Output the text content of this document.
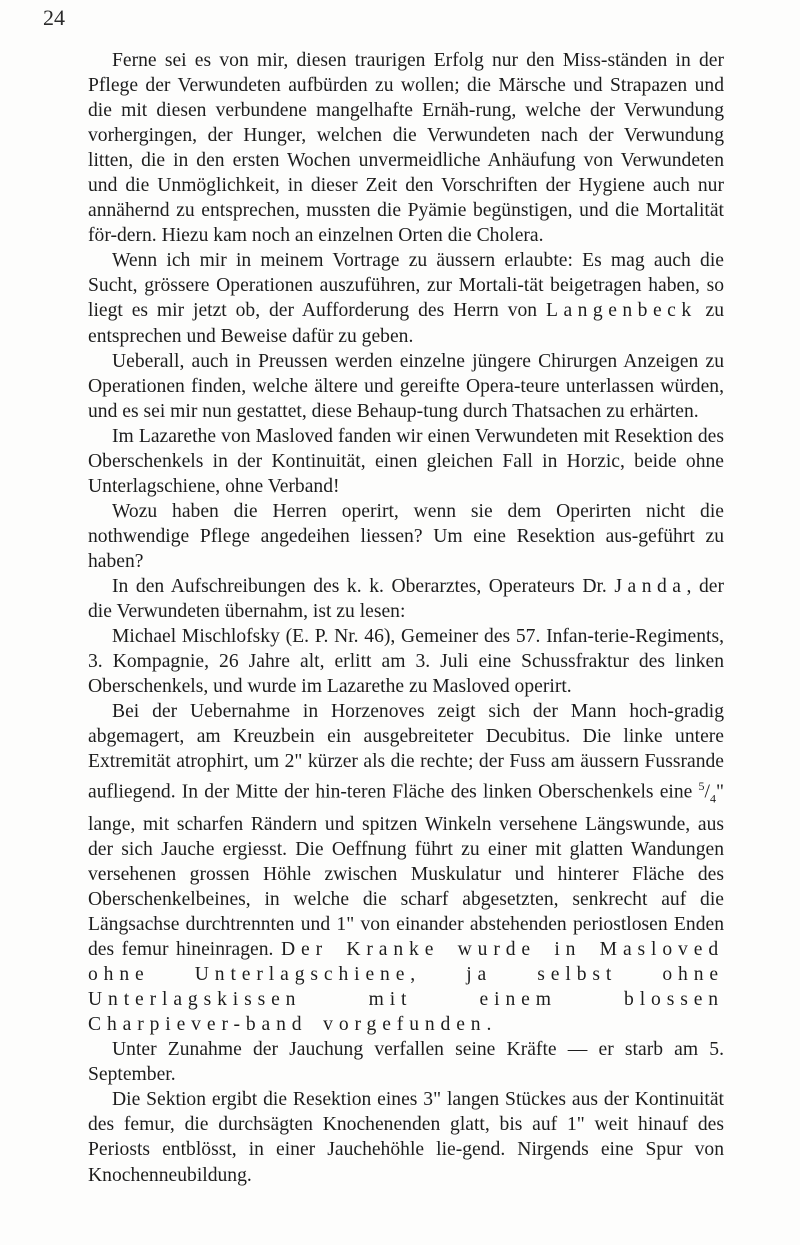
24

Ferne sei es von mir, diesen traurigen Erfolg nur den Miss-ständen in der Pflege der Verwundeten aufbürden zu wollen; die Märsche und Strapazen und die mit diesen verbundene mangelhafte Ernäh-rung, welche der Verwundung vorhergingen, der Hunger, welchen die Verwundeten nach der Verwundung litten, die in den ersten Wochen unvermeidliche Anhäufung von Verwundeten und die Unmöglichkeit, in dieser Zeit den Vorschriften der Hygiene auch nur annähernd zu entsprechen, mussten die Pyämie begünstigen, und die Mortalität för-dern. Hiezu kam noch an einzelnen Orten die Cholera.

Wenn ich mir in meinem Vortrage zu äussern erlaubte: Es mag auch die Sucht, grössere Operationen auszuführen, zur Mortali-tät beigetragen haben, so liegt es mir jetzt ob, der Aufforderung des Herrn von Langenbeck zu entsprechen und Beweise dafür zu geben.

Ueberall, auch in Preussen werden einzelne jüngere Chirurgen Anzeigen zu Operationen finden, welche ältere und gereifte Opera-teure unterlassen würden, und es sei mir nun gestattet, diese Behaup-tung durch Thatsachen zu erhärten.

Im Lazarethe von Masloved fanden wir einen Verwundeten mit Resektion des Oberschenkels in der Kontinuität, einen gleichen Fall in Horzic, beide ohne Unterlagschiene, ohne Verband!

Wozu haben die Herren operirt, wenn sie dem Operirten nicht die nothwendige Pflege angedeihen liessen? Um eine Resektion aus-geführt zu haben?

In den Aufschreibungen des k. k. Oberarztes, Operateurs Dr. Janda, der die Verwundeten übernahm, ist zu lesen:

Michael Mischlofsky (E. P. Nr. 46), Gemeiner des 57. Infan-terie-Regiments, 3. Kompagnie, 26 Jahre alt, erlitt am 3. Juli eine Schussfraktur des linken Oberschenkels, und wurde im Lazarethe zu Masloved operirt.

Bei der Uebernahme in Horzenoves zeigt sich der Mann hoch-gradig abgemagert, am Kreuzbein ein ausgebreiteter Decubitus. Die linke untere Extremität atrophirt, um 2" kürzer als die rechte; der Fuss am äussern Fussrande aufliegend. In der Mitte der hin-teren Fläche des linken Oberschenkels eine $^5/_4$" lange, mit scharfen Rändern und spitzen Winkeln versehene Längswunde, aus der sich Jauche ergiesst. Die Oeffnung führt zu einer mit glatten Wandungen versehenen grossen Höhle zwischen Muskulatur und hinterer Fläche des Oberschenkelbeines, in welche die scharf abgesetzten, senkrecht auf die Längsachse durchtrennten und 1" von einander abstehenden periostlosen Enden des femur hineinragen. Der Kranke wurde in Masloved ohne Unterlagschiene, ja selbst ohne Unterlagskissen mit einem blossen Charpiever-band vorgefunden.

Unter Zunahme der Jauchung verfallen seine Kräfte — er starb am 5. September.

Die Sektion ergibt die Resektion eines 3" langen Stückes aus der Kontinuität des femur, die durchsägten Knochenenden glatt, bis auf 1" weit hinauf des Periosts entblösst, in einer Jauchehöhle lie-gend. Nirgends eine Spur von Knochenneubildung.
